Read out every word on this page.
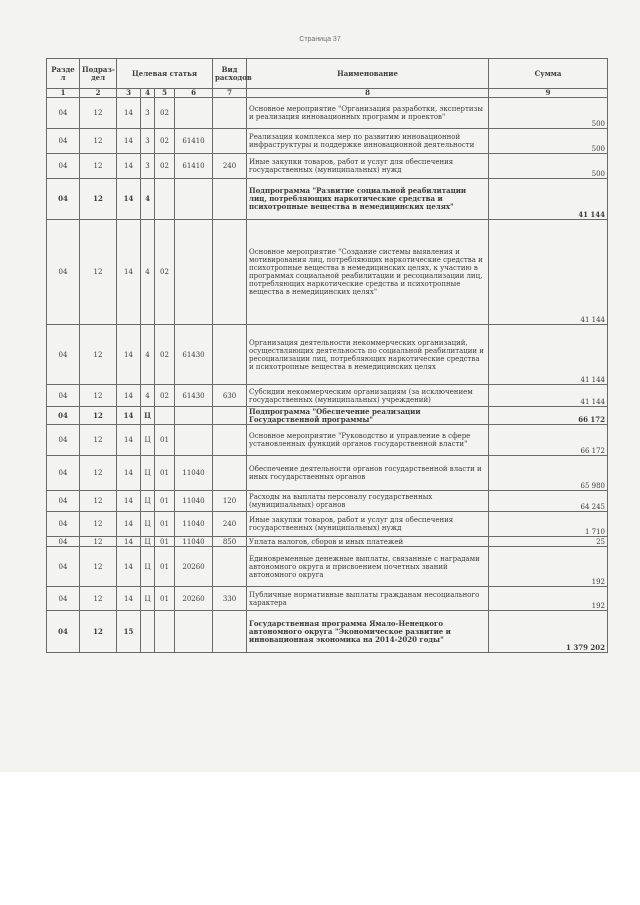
Страница 37
Разде л	Подраз- дел	Целевая статья				Вид расходов	Наименование	Сумма
1	2	3	4	5	6	7	8	9
04	12	14	3	02			Основное мероприятие "Организация разработки, экспертизы и реализация инновационных программ и проектов"	500
04	12	14	3	02	61410		Реализация комплекса мер по развитию инновационной инфраструктуры и поддержке инновационной деятельности	500
04	12	14	3	02	61410	240	Иные закупки товаров, работ и услуг для обеспечения государственных (муниципальных) нужд	500
04	12	14	4				Подпрограмма "Развитие социальной реабилитации лиц, потребляющих наркотические средства и психотропные вещества в немедицинских целях"	41 144
04	12	14	4	02			Основное мероприятие "Создание системы выявления и мотивирования лиц, потребляющих наркотические средства и психотропные вещества в немедицинских целях, к участию в программах социальной реабилитации и ресоциализации лиц, потребляющих наркотические средства и психотропные вещества в немедицинских целях"	41 144
04	12	14	4	02	61430		Организация деятельности некоммерческих организаций, осуществляющих деятельность по социальной реабилитации и ресоциализации лиц, потребляющих наркотические средства и психотропные вещества в немедицинских целях	41 144
04	12	14	4	02	61430	630	Субсидии некоммерческим организациям (за исключением государственных (муниципальных) учреждений)	41 144
04	12	14	Ц				Подпрограмма "Обеспечение реализации Государственной программы"	66 172
04	12	14	Ц	01			Основное мероприятие "Руководство и управление в сфере установленных функций органов государственной власти"	66 172
04	12	14	Ц	01	11040		Обеспечение деятельности органов государственной власти и иных государственных органов	65 980
04	12	14	Ц	01	11040	120	Расходы на выплаты персоналу государственных (муниципальных) органов	64 245
04	12	14	Ц	01	11040	240	Иные закупки товаров, работ и услуг для обеспечения государственных (муниципальных) нужд	1 710
04	12	14	Ц	01	11040	850	Уплата налогов, сборов и иных платежей	25
04	12	14	Ц	01	20260		Единовременные денежные выплаты, связанные с наградами автономного округа и присвоением почетных званий автономного округа	192
04	12	14	Ц	01	20260	330	Публичные нормативные выплаты гражданам несоциального характера	192
04	12	15					Государственная программа Ямало-Ненецкого автономного округа "Экономическое развитие и инновационная экономика на 2014-2020 годы"	1 379 202
